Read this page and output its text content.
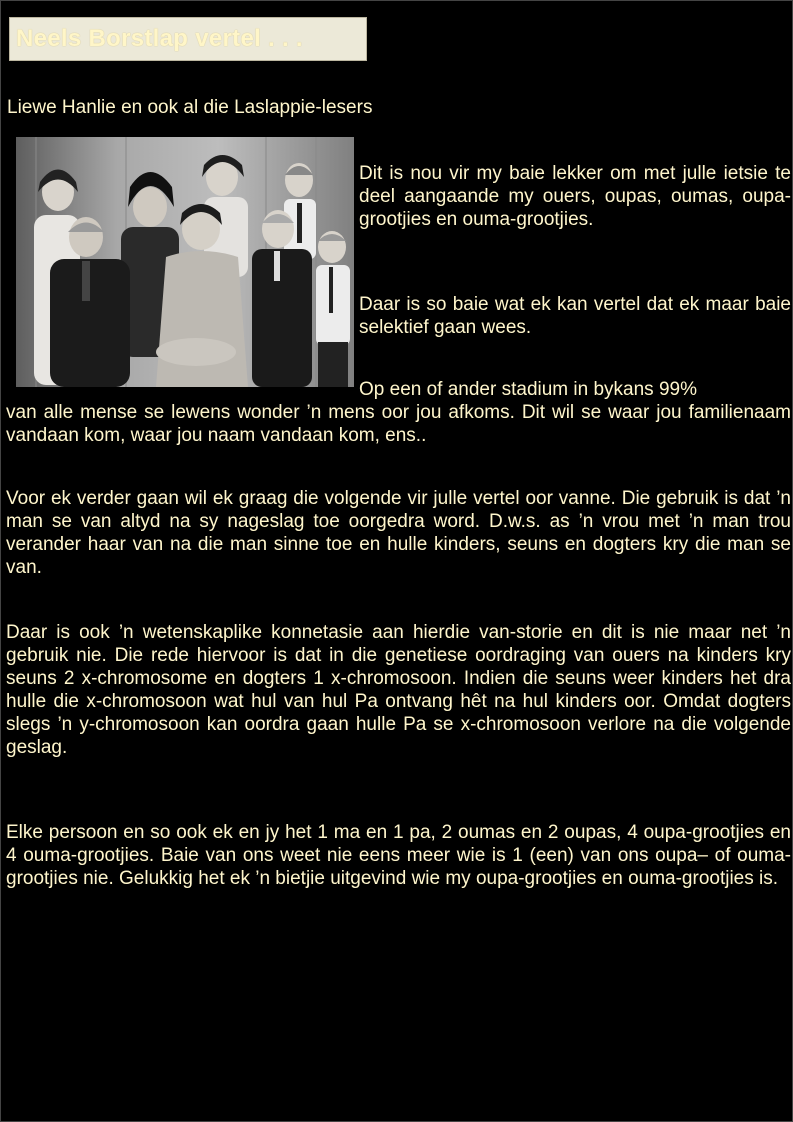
Neels Borstlap vertel . . .
Liewe Hanlie en ook al die Laslappie-lesers

Dit is nou vir my baie lekker om met julle ietsie te deel aangaande my ouers, oupas, oumas, oupa-grootjies en ouma-grootjies.

Daar is so baie wat ek kan vertel dat ek maar baie selektief gaan wees.

Op een of ander stadium in bykans 99%

van alle mense se lewens wonder ’n mens oor jou afkoms. Dit wil se waar jou familienaam vandaan kom, waar jou naam vandaan kom, ens..

Voor ek verder gaan wil ek graag die volgende vir julle vertel oor vanne. Die gebruik is dat ’n man se van altyd na sy nageslag toe oorgedra word. D.w.s. as ’n vrou met ’n man trou verander haar van na die man sinne toe en hulle kinders, seuns en dogters kry die man se van.

Daar is ook ’n wetenskaplike konnetasie aan hierdie van-storie en dit is nie maar net ’n gebruik nie. Die rede hiervoor is dat in die genetiese oordraging van ouers na kinders kry seuns 2 x-chromosome en dogters 1 x-chromosoon. Indien die seuns weer kinders het dra hulle die x-chromosoon wat hul van hul Pa ontvang hêt na hul kinders oor. Omdat dogters slegs ’n y-chromosoon kan oordra gaan hulle Pa se x-chromosoon verlore na die volgende geslag.

Elke persoon en so ook ek en jy het 1 ma en 1 pa, 2 oumas en 2 oupas, 4 oupa-grootjies en 4 ouma-grootjies. Baie van ons weet nie eens meer wie is 1 (een) van ons oupa– of ouma-grootjies nie. Gelukkig het ek ’n bietjie uitgevind wie my oupa-grootjies en ouma-grootjies is.
